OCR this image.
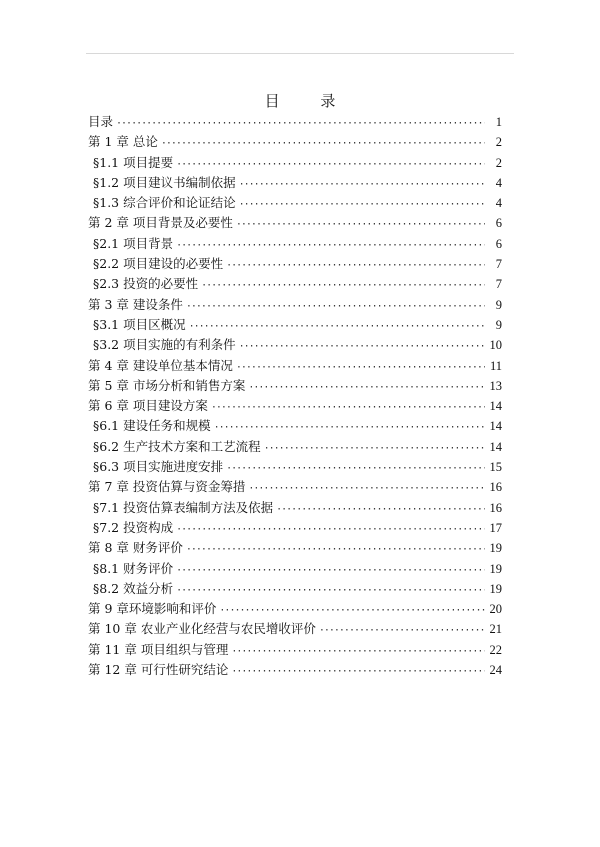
目 录
目录 ·····	1
第 1 章 总论 ·····	2
§1.1 项目提要 ·····	2
§1.2 项目建议书编制依据 ·····	4
§1.3 综合评价和论证结论 ·····	4
第 2 章 项目背景及必要性 ·····	6
§2.1 项目背景 ·····	6
§2.2 项目建设的必要性 ·····	7
§2.3 投资的必要性 ·····	7
第 3 章 建设条件 ·····	9
§3.1 项目区概况 ·····	9
§3.2 项目实施的有利条件 ·····	10
第 4 章 建设单位基本情况 ·····	11
第 5 章 市场分析和销售方案 ·····	13
第 6 章 项目建设方案 ·····	14
§6.1 建设任务和规模 ·····	14
§6.2 生产技术方案和工艺流程 ·····	14
§6.3 项目实施进度安排 ·····	15
第 7 章 投资估算与资金筹措 ·····	16
§7.1 投资估算表编制方法及依据 ·····	16
§7.2 投资构成 ·····	17
第 8 章 财务评价 ·····	19
§8.1 财务评价 ·····	19
§8.2 效益分析 ·····	19
第 9 章环境影响和评价 ·····	20
第 10 章 农业产业化经营与农民增收评价 ·····	21
第 11 章 项目组织与管理 ·····	22
第 12 章 可行性研究结论 ·····	24
